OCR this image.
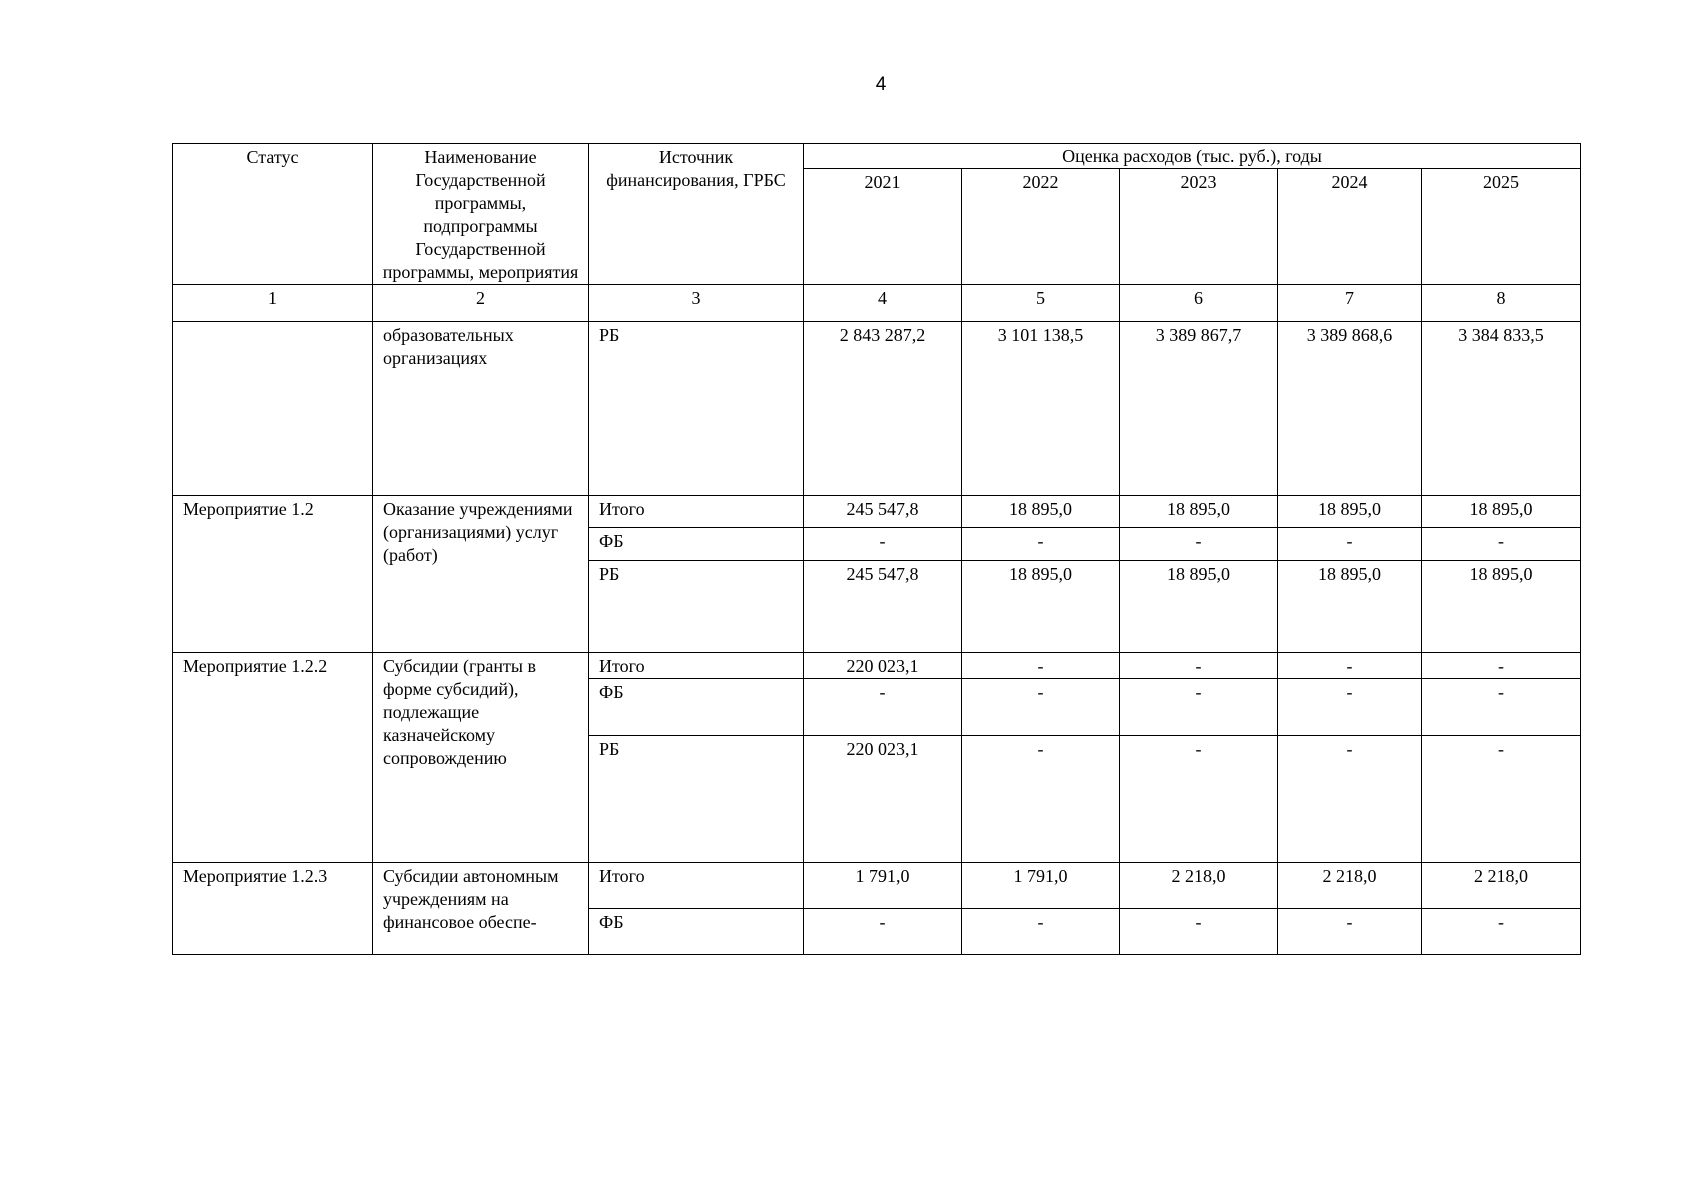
4
Статус	Наименование Государственной программы, подпрограммы Государственной программы, мероприятия	Источник финансирования, ГРБС	Оценка расходов (тыс. руб.), годы				
			2021	2022	2023	2024	2025
1	2	3	4	5	6	7	8
	образовательных организациях	РБ	2 843 287,2	3 101 138,5	3 389 867,7	3 389 868,6	3 384 833,5
Мероприятие 1.2	Оказание учреждениями (организациями) услуг (работ)	Итого	245 547,8	18 895,0	18 895,0	18 895,0	18 895,0
		ФБ	-	-	-	-	-
		РБ	245 547,8	18 895,0	18 895,0	18 895,0	18 895,0
Мероприятие 1.2.2	Субсидии (гранты в форме субсидий), подлежащие казначейскому сопровождению	Итого	220 023,1	-	-	-	-
		ФБ	-	-	-	-	-
		РБ	220 023,1	-	-	-	-
Мероприятие 1.2.3	Субсидии автономным учреждениям на финансовое обеспе-	Итого	1 791,0	1 791,0	2 218,0	2 218,0	2 218,0
		ФБ	-	-	-	-	-
